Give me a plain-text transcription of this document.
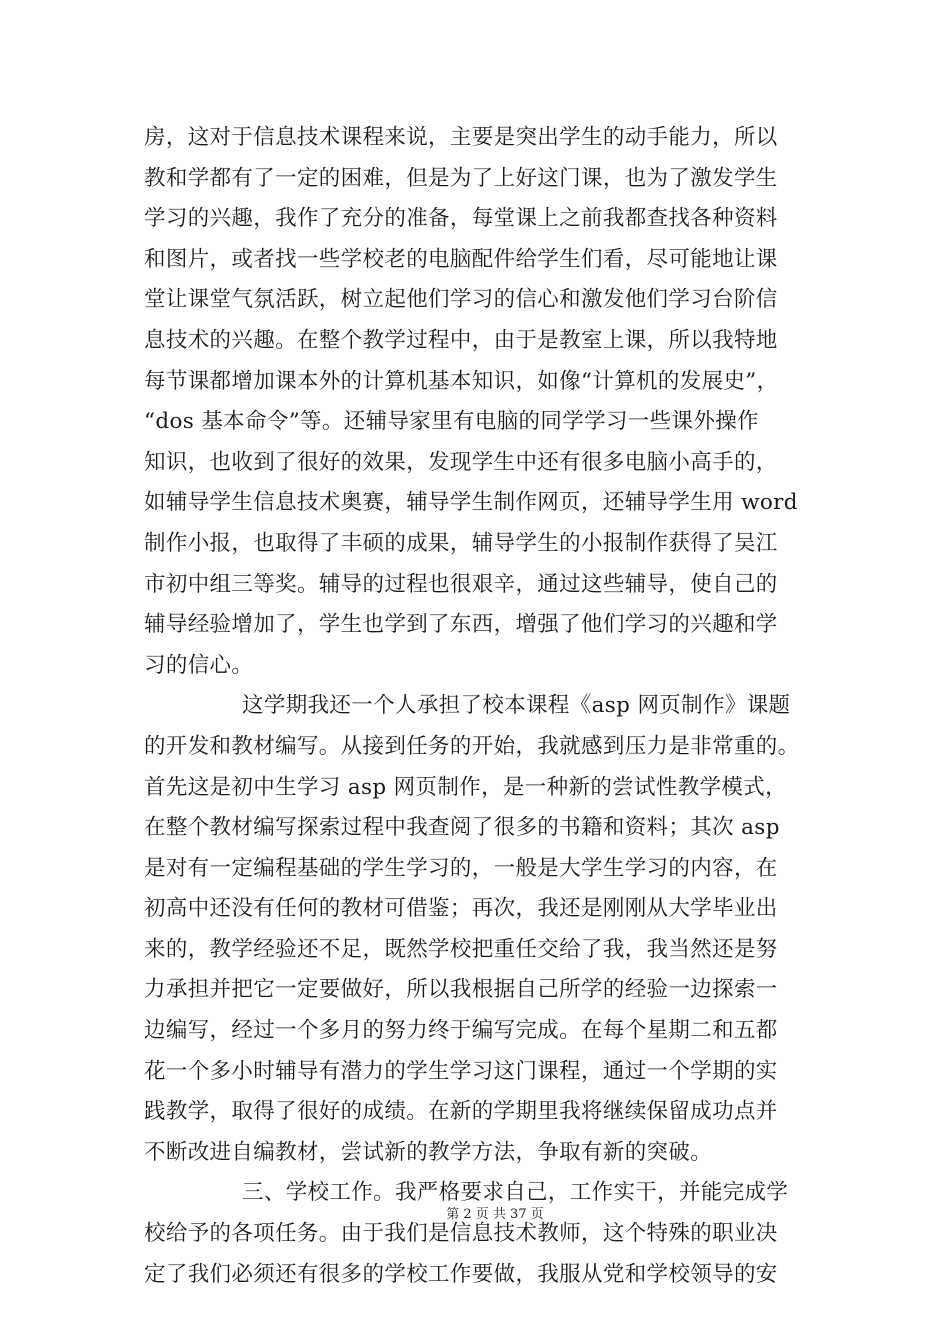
房，这对于信息技术课程来说，主要是突出学生的动手能力，所以
教和学都有了一定的困难，但是为了上好这门课，也为了激发学生
学习的兴趣，我作了充分的准备，每堂课上之前我都查找各种资料
和图片，或者找一些学校老的电脑配件给学生们看，尽可能地让课
堂让课堂气氛活跃，树立起他们学习的信心和激发他们学习台阶信
息技术的兴趣。在整个教学过程中，由于是教室上课，所以我特地
每节课都增加课本外的计算机基本知识，如像“计算机的发展史”，
“dos 基本命令”等。还辅导家里有电脑的同学学习一些课外操作
知识，也收到了很好的效果，发现学生中还有很多电脑小高手的，
如辅导学生信息技术奥赛，辅导学生制作网页，还辅导学生用 word
制作小报，也取得了丰硕的成果，辅导学生的小报制作获得了吴江
市初中组三等奖。辅导的过程也很艰辛，通过这些辅导，使自己的
辅导经验增加了，学生也学到了东西，增强了他们学习的兴趣和学
习的信心。
这学期我还一个人承担了校本课程《asp 网页制作》课题
的开发和教材编写。从接到任务的开始，我就感到压力是非常重的。
首先这是初中生学习 asp 网页制作，是一种新的尝试性教学模式，
在整个教材编写探索过程中我查阅了很多的书籍和资料；其次 asp
是对有一定编程基础的学生学习的，一般是大学生学习的内容，在
初高中还没有任何的教材可借鉴；再次，我还是刚刚从大学毕业出
来的，教学经验还不足，既然学校把重任交给了我，我当然还是努
力承担并把它一定要做好，所以我根据自己所学的经验一边探索一
边编写，经过一个多月的努力终于编写完成。在每个星期二和五都
花一个多小时辅导有潜力的学生学习这门课程，通过一个学期的实
践教学，取得了很好的成绩。在新的学期里我将继续保留成功点并
不断改进自编教材，尝试新的教学方法，争取有新的突破。
三、学校工作。我严格要求自己，工作实干，并能完成学
校给予的各项任务。由于我们是信息技术教师，这个特殊的职业决
定了我们必须还有很多的学校工作要做，我服从党和学校领导的安
第 2 页 共 37 页
